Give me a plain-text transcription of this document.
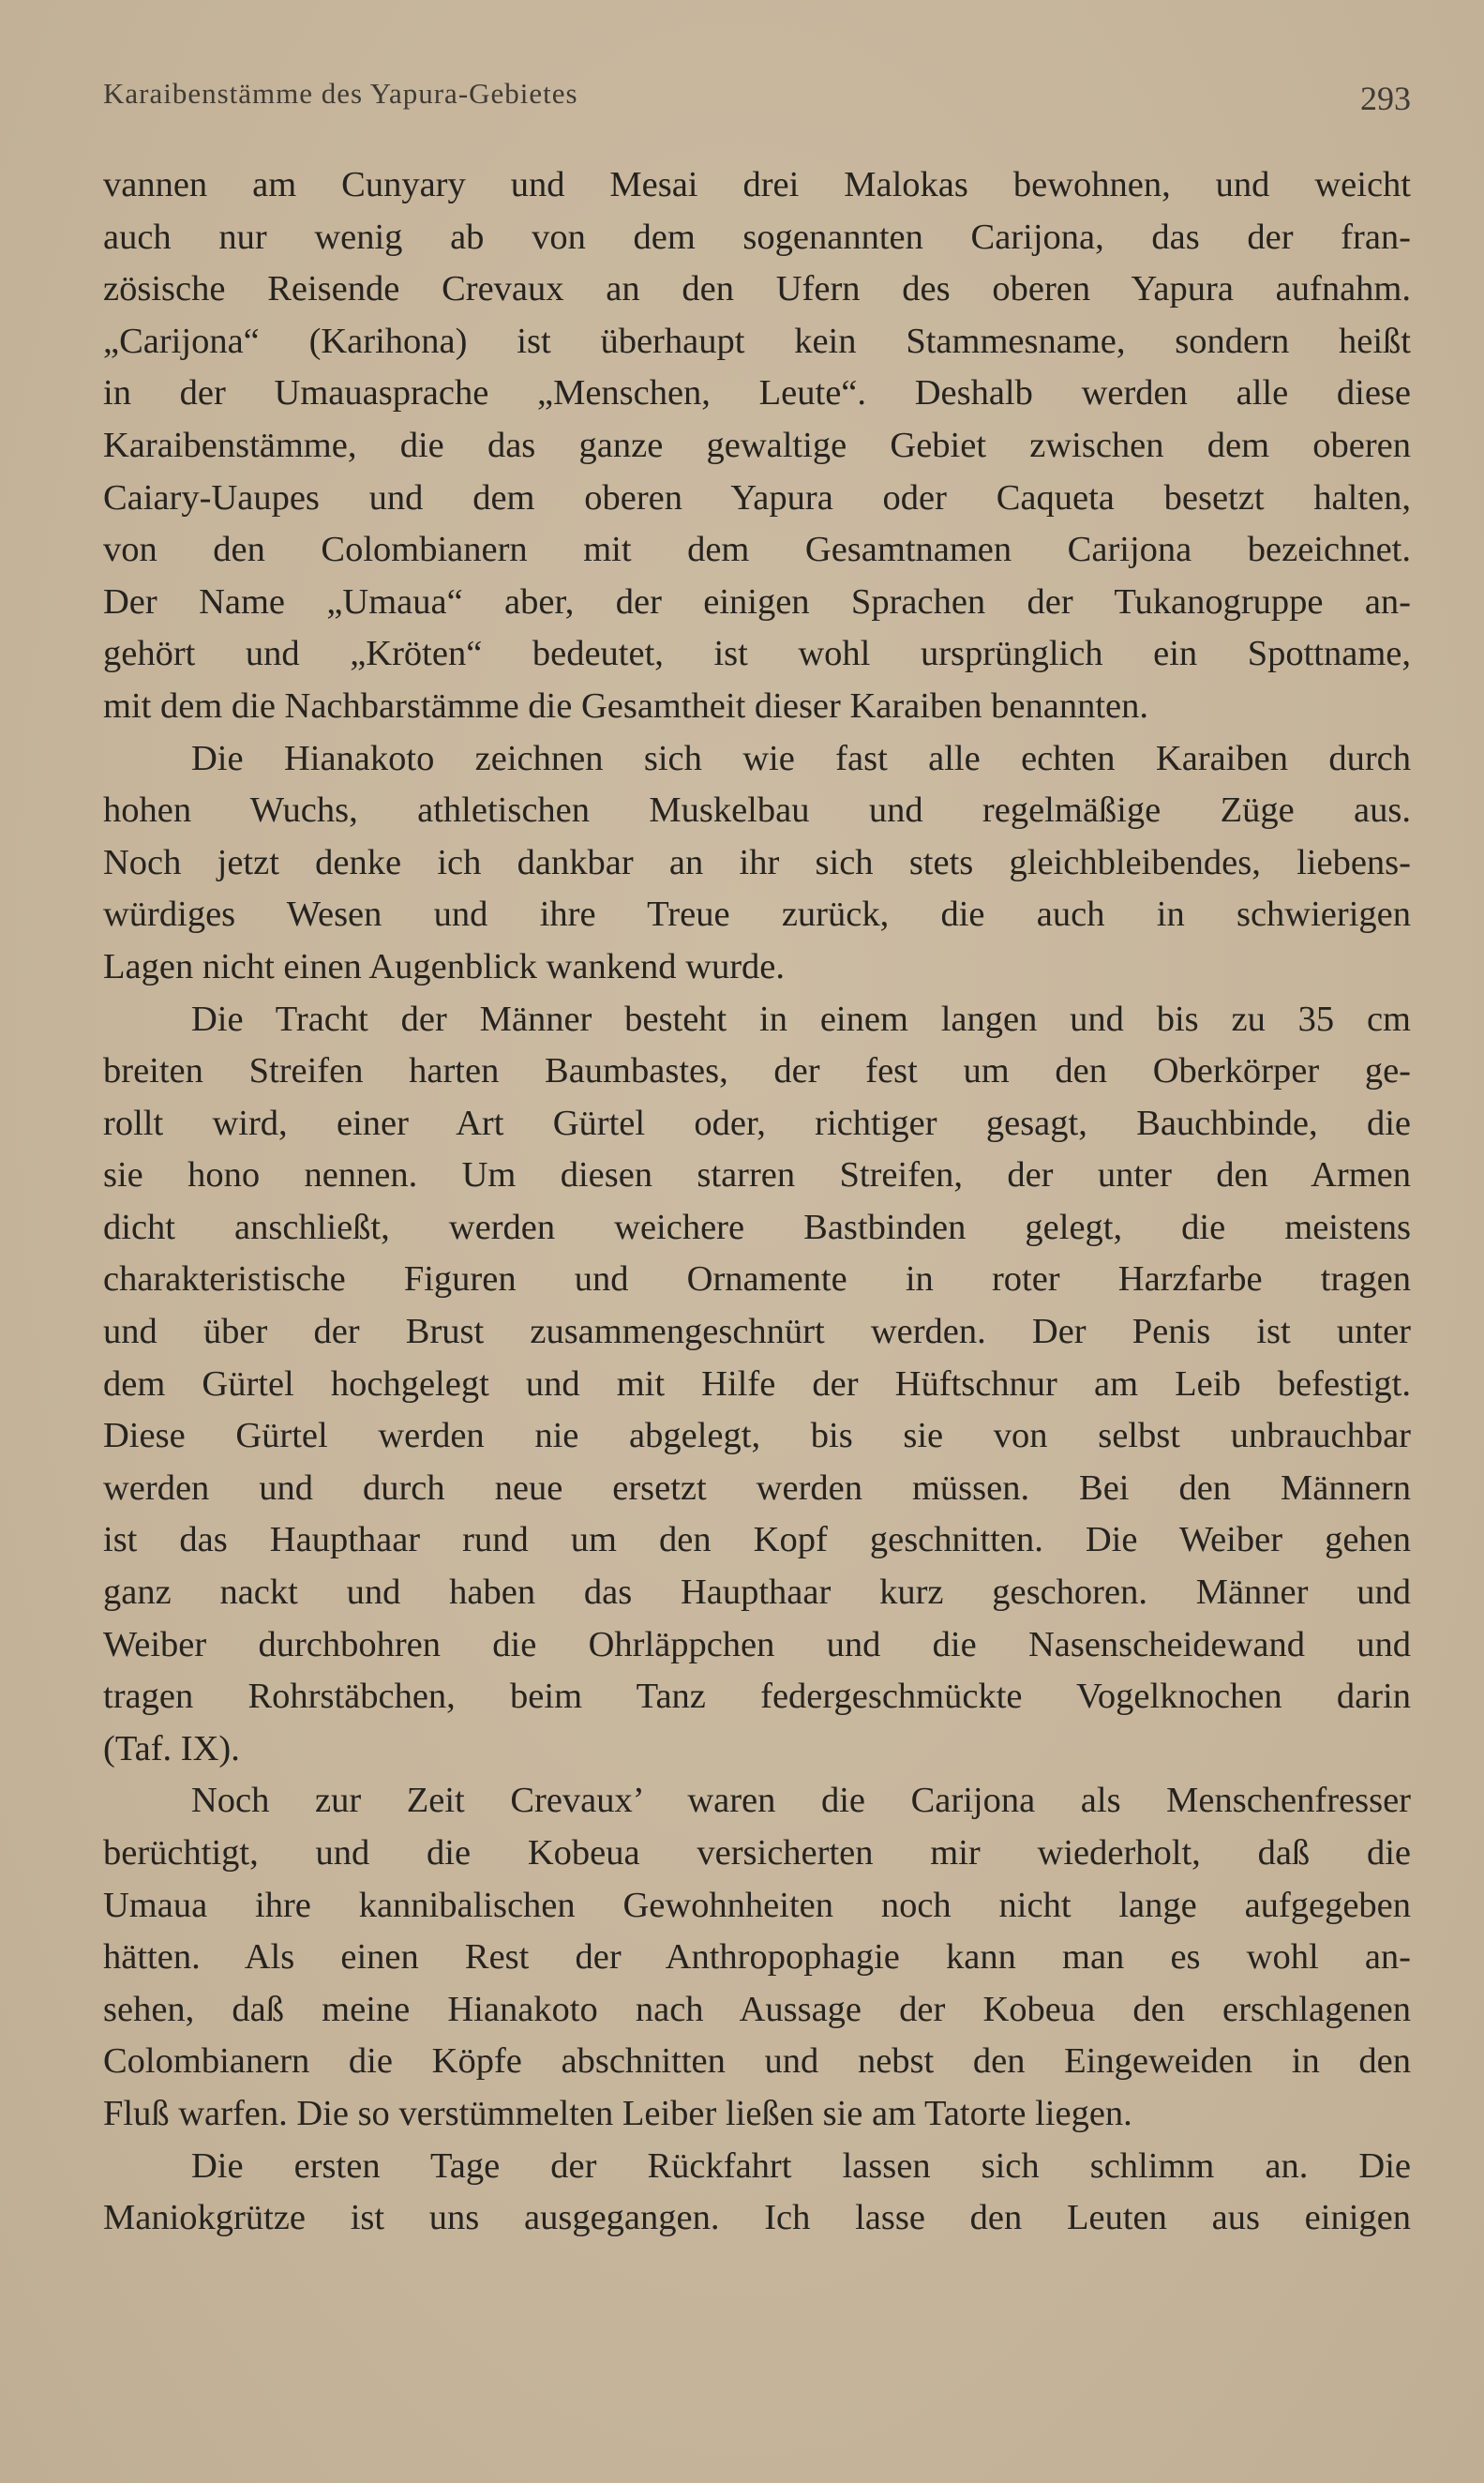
Karaibenstämme des Yapura-Gebietes	293

vannen am Cunyary und Mesai drei Malokas bewohnen, und weicht
auch nur wenig ab von dem sogenannten Carijona, das der fran-
zösische Reisende Crevaux an den Ufern des oberen Yapura aufnahm.
„Carijona“ (Karihona) ist überhaupt kein Stammesname, sondern heißt
in der Umauasprache „Menschen, Leute“. Deshalb werden alle diese
Karaibenstämme, die das ganze gewaltige Gebiet zwischen dem oberen
Caiary-Uaupes und dem oberen Yapura oder Caqueta besetzt halten,
von den Colombianern mit dem Gesamtnamen Carijona bezeichnet.
Der Name „Umaua“ aber, der einigen Sprachen der Tukanogruppe an-
gehört und „Kröten“ bedeutet, ist wohl ursprünglich ein Spottname,
mit dem die Nachbarstämme die Gesamtheit dieser Karaiben benannten.

Die Hianakoto zeichnen sich wie fast alle echten Karaiben durch
hohen Wuchs, athletischen Muskelbau und regelmäßige Züge aus.
Noch jetzt denke ich dankbar an ihr sich stets gleichbleibendes, liebens-
würdiges Wesen und ihre Treue zurück, die auch in schwierigen
Lagen nicht einen Augenblick wankend wurde.

Die Tracht der Männer besteht in einem langen und bis zu 35 cm
breiten Streifen harten Baumbastes, der fest um den Oberkörper ge-
rollt wird, einer Art Gürtel oder, richtiger gesagt, Bauchbinde, die
sie hono nennen. Um diesen starren Streifen, der unter den Armen
dicht anschließt, werden weichere Bastbinden gelegt, die meistens
charakteristische Figuren und Ornamente in roter Harzfarbe tragen
und über der Brust zusammengeschnürt werden. Der Penis ist unter
dem Gürtel hochgelegt und mit Hilfe der Hüftschnur am Leib befestigt.
Diese Gürtel werden nie abgelegt, bis sie von selbst unbrauchbar
werden und durch neue ersetzt werden müssen. Bei den Männern
ist das Haupthaar rund um den Kopf geschnitten. Die Weiber gehen
ganz nackt und haben das Haupthaar kurz geschoren. Männer und
Weiber durchbohren die Ohrläppchen und die Nasenscheidewand und
tragen Rohrstäbchen, beim Tanz federgeschmückte Vogelknochen darin
(Taf. IX).

Noch zur Zeit Crevaux’ waren die Carijona als Menschenfresser
berüchtigt, und die Kobeua versicherten mir wiederholt, daß die
Umaua ihre kannibalischen Gewohnheiten noch nicht lange aufgegeben
hätten. Als einen Rest der Anthropophagie kann man es wohl an-
sehen, daß meine Hianakoto nach Aussage der Kobeua den erschlagenen
Colombianern die Köpfe abschnitten und nebst den Eingeweiden in den
Fluß warfen. Die so verstümmelten Leiber ließen sie am Tatorte liegen.

Die ersten Tage der Rückfahrt lassen sich schlimm an. Die
Maniokgrütze ist uns ausgegangen. Ich lasse den Leuten aus einigen
